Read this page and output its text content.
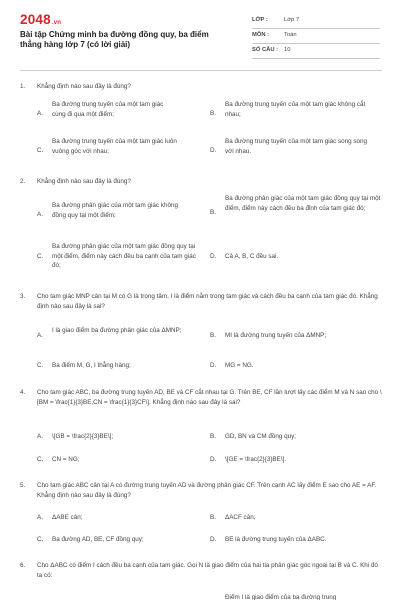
2048.vn
Bài tập Chứng minh ba đường đồng quy, ba điểm thẳng hàng lớp 7 (có lời giải)
LỚP :	Lớp 7
MÔN :	Toán
SỐ CÂU : 10
1.	Khẳng định nào sau đây là đúng?
A.
Ba đường trung tuyến của một tam giác cùng đi qua một điểm;	B.
Ba đường trung tuyến của một tam giác không cắt nhau;
C.
Ba đường trung tuyến của một tam giác luôn vuông góc với nhau;	D.
Ba đường trung tuyến của một tam giác song song với nhau.
2.	Khẳng định nào sau đây là đúng?
A.
Ba đường phân giác của một tam giác không đồng quy tại một điểm;	B.
Ba đường phân giác của một tam giác đồng quy tại một điểm, điểm này cách đều ba đỉnh của tam giác đó;
C.
Ba đường phân giác của một tam giác đồng quy tại một điểm, điểm này cách đều ba cạnh của tam giác đó;
D.	Cả A, B, C đều sai.
3.	Cho tam giác MNP cân tại M có G là trọng tâm, I là điểm nằm trong tam giác và cách đều ba cạnh của tam giác đó. Khẳng định nào sau đây là sai?
A.
I là giao điểm ba đường phân giác của ΔMNP;
B.	MI là đường trung tuyến của ΔMNP;
C.	Ba điểm M, G, I thẳng hàng;	D.	MG = NG.
4.	Cho tam giác ABC, ba đường trung tuyến AD, BE và CF cắt nhau tại G. Trên BE, CF lần lượt lấy các điểm M và N sao cho \[BM = \frac{1}{3}BE,CN = \frac{1}{3}CF\]. Khẳng định nào sau đây là sai?
A.	\[GB = \frac{2}{3}BE\];	B.	GD, BN và CM đồng quy;
C.	CN = NG;	D.	\[GE = \frac{2}{3}BE\].
5.	Cho tam giác ABC cân tại A có đường trung tuyến AD và đường phân giác CF. Trên cạnh AC lấy điểm E sao cho AE = AF. Khẳng định nào sau đây là đúng?
A.	ΔABE cân;	B.	ΔACF cân;
C.	Ba đường AD, BE, CF đồng quy;	D.	BE là đường trung tuyến của ΔABC.
6.	Cho ΔABC có điểm I cách đều ba cạnh của tam giác. Gọi N là giao điểm của hai tia phân giác góc ngoài tại B và C. Khi đó ta có:
Điểm I là giao điểm của ba đường trung
